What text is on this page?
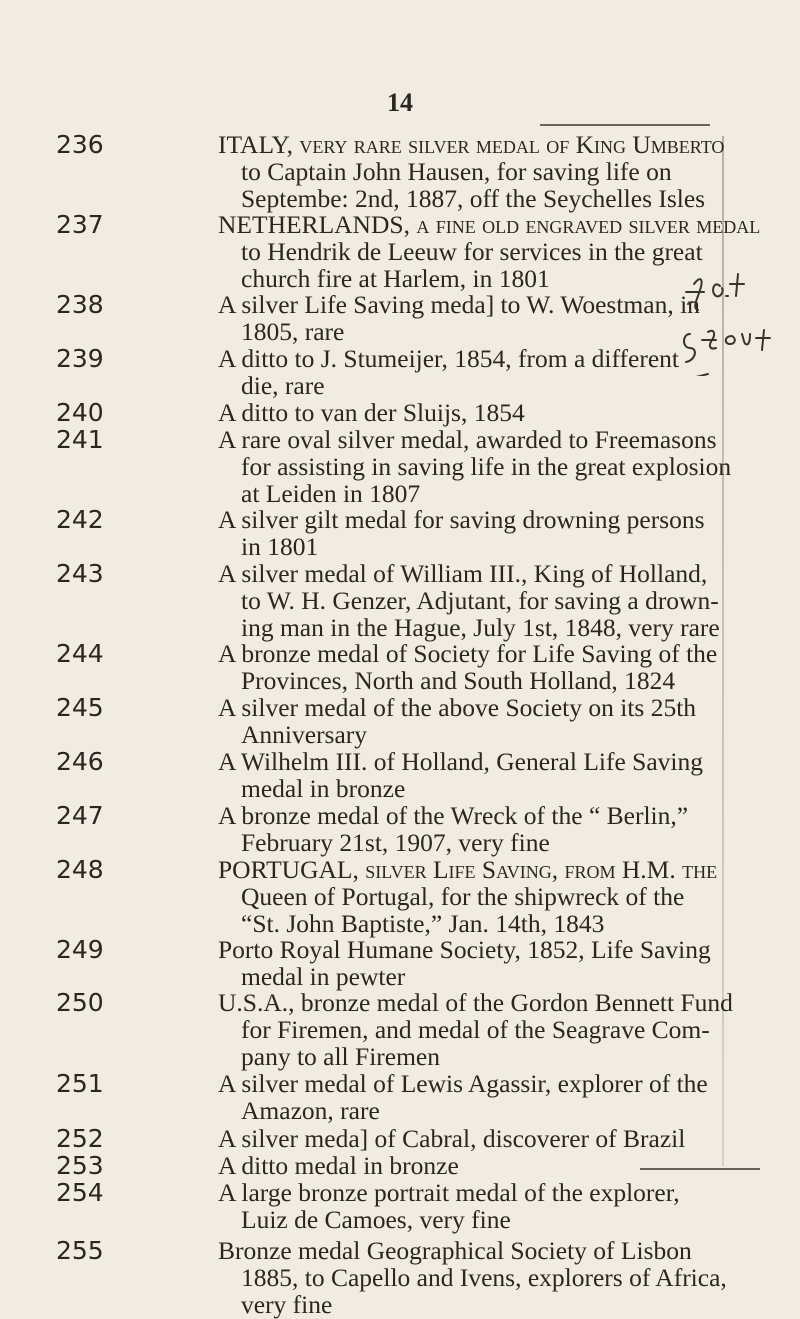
14
236	ITALY, very rare silver medal of King Umberto
to Captain John Hausen, for saving life on
Septembe: 2nd, 1887, off the Seychelles Isles
237	NETHERLANDS, a fine old engraved silver medal
to Hendrik de Leeuw for services in the great
church fire at Harlem, in 1801
238	A silver Life Saving meda] to W. Woestman, in
1805, rare
239	A ditto to J. Stumeijer, 1854, from a different
die, rare
240	A ditto to van der Sluijs, 1854
241	A rare oval silver medal, awarded to Freemasons
for assisting in saving life in the great explosion
at Leiden in 1807
242	A silver gilt medal for saving drowning persons
in 1801
243	A silver medal of William III., King of Holland,
to W. H. Genzer, Adjutant, for saving a drown-
ing man in the Hague, July 1st, 1848, very rare
244	A bronze medal of Society for Life Saving of the
Provinces, North and South Holland, 1824
245	A silver medal of the above Society on its 25th
Anniversary
246	A Wilhelm III. of Holland, General Life Saving
medal in bronze
247	A bronze medal of the Wreck of the “ Berlin,”
February 21st, 1907, very fine
248	PORTUGAL, silver Life Saving, from H.M. the
Queen of Portugal, for the shipwreck of the
“St. John Baptiste,” Jan. 14th, 1843
249	Porto Royal Humane Society, 1852, Life Saving
medal in pewter
250	U.S.A., bronze medal of the Gordon Bennett Fund
for Firemen, and medal of the Seagrave Com-
pany to all Firemen
251	A silver medal of Lewis Agassir, explorer of the
Amazon, rare
252	A silver meda] of Cabral, discoverer of Brazil
253	A ditto medal in bronze
254	A large bronze portrait medal of the explorer,
Luiz de Camoes, very fine
255	Bronze medal Geographical Society of Lisbon
1885, to Capello and Ivens, explorers of Africa,
very fine
